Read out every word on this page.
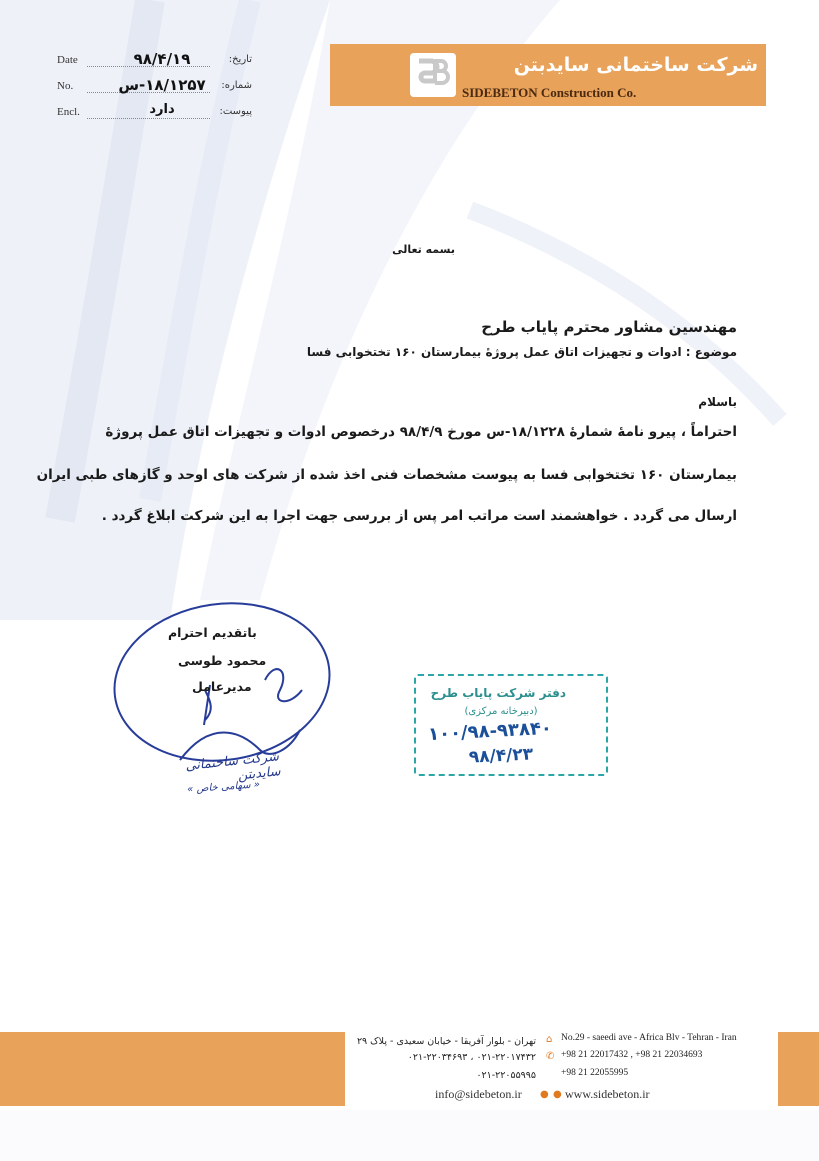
شرکت ساختمانی سایدبتن
SIDEBETON Construction Co.
Date	۹۸/۴/۱۹	تاریخ:
No.	۱۸/۱۲۵۷-س	شماره:
Encl.	دارد	پیوست:
بسمه تعالی
مهندسین مشاور محترم پایاب طرح
موضوع : ادوات و تجهیزات اتاق عمل پروژۀ بیمارستان ۱۶۰ تختخوابی فسا
باسلام
احتراماً ، پیرو نامۀ شمارۀ ۱۸/۱۲۲۸-س مورخ ۹۸/۴/۹ درخصوص ادوات و تجهیزات اتاق عمل پروژۀ
بیمارستان ۱۶۰ تختخوابی فسا به پیوست مشخصات فنی اخذ شده از شرکت های اوحد و گازهای طبی ایران
ارسال می گردد . خواهشمند است مراتب امر پس از بررسی جهت اجرا به این شرکت ابلاغ گردد .
باتقدیم احترام
محمود طوسی
مدیرعامل
شرکت ساختمانی سایدبتن
« سهامی خاص »
دفتر شرکت پایاب طرح
(دبیرخانه مرکزی)
۱۰۰/۹۸-۹۳۸۴۰
۹۸/۴/۲۳
تهران - بلوار آفریقا - خیابان سعیدی - پلاک ۲۹
۰۲۱-۲۲۰۱۷۴۳۲ ، ۰۲۱-۲۲۰۳۴۶۹۳
۰۲۱-۲۲۰۵۵۹۹۵
⌂
✆
No.29 - saeedi ave - Africa Blv - Tehran - Iran
+98 21 22017432 , +98 21 22034693
+98 21 22055995
info@sidebeton.ir ● ● www.sidebeton.ir
